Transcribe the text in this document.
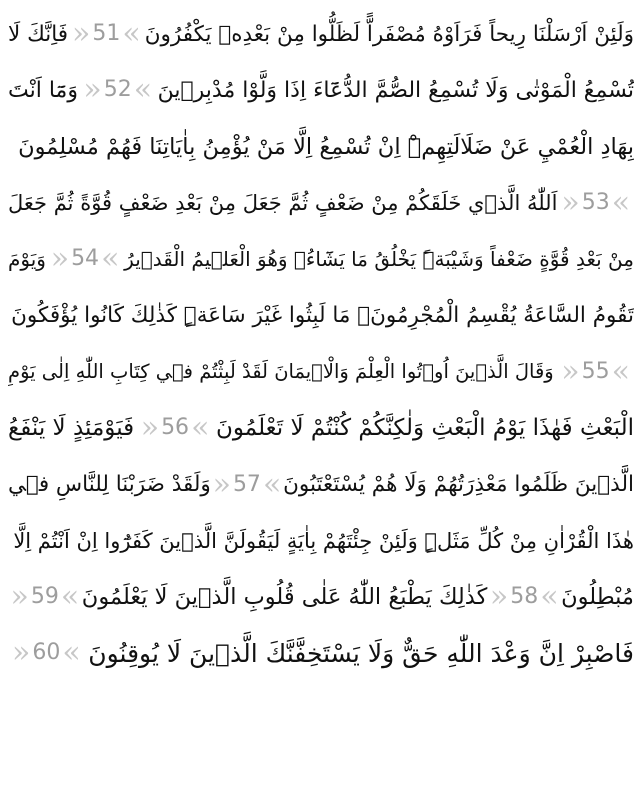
وَلَئِنْ اَرْسَلْنَا رِيحاً فَرَاَوْهُ مُصْفَراًّ لَظَلُّوا مِنْ بَعْدِه۪ يَكْفُرُونَ
» 51 «
فَاِنَّكَ لَا
تُسْمِعُ الْمَوْتٰى وَلَا تُسْمِعُ الصُّمَّ الدُّعَٓاءَ اِذَا وَلَّوْا مُدْبِر۪ينَ
» 52 «
وَمَٓا اَنْتَ
بِهَادِ الْعُمْيِ عَنْ ضَلَالَتِهِمْۜ اِنْ تُسْمِعُ اِلَّا مَنْ يُؤْمِنُ بِاٰيَاتِنَا فَهُمْ مُسْلِمُونَ
» 53 «
اَللّٰهُ الَّذ۪ي خَلَقَكُمْ مِنْ ضَعْفٍ ثُمَّ جَعَلَ مِنْ بَعْدِ ضَعْفٍ قُوَّةً ثُمَّ جَعَلَ
مِنْ بَعْدِ قُوَّةٍ ضَعْفاً وَشَيْبَةًۜ يَخْلُقُ مَا يَشَٓاءُۚ وَهُوَ الْعَل۪يمُ الْقَد۪يرُ
» 54 «
وَيَوْمَ
تَقُومُ السَّاعَةُ يُقْسِمُ الْمُجْرِمُونَۙ مَا لَبِثُوا غَيْرَ سَاعَةٍۜ كَذٰلِكَ كَانُوا يُؤْفَكُونَ
» 55 «
وَقَالَ الَّذ۪ينَ اُو۫تُوا الْعِلْمَ وَالْا۪يمَانَ لَقَدْ لَبِثْتُمْ ف۪ي كِتَابِ اللّٰهِ اِلٰى يَوْمِ
الْبَعْثِ فَهٰذَا يَوْمُ الْبَعْثِ وَلٰكِنَّكُمْ كُنْتُمْ لَا تَعْلَمُونَ
» 56 «
فَيَوْمَئِذٍ لَا يَنْفَعُ
الَّذ۪ينَ ظَلَمُوا مَعْذِرَتُهُمْ وَلَا هُمْ يُسْتَعْتَبُونَ
» 57 «
وَلَقَدْ ضَرَبْنَا لِلنَّاسِ ف۪ي
هٰذَا الْقُرْاٰنِ مِنْ كُلِّ مَثَلٍۜ وَلَئِنْ جِئْتَهُمْ بِاٰيَةٍ لَيَقُولَنَّ الَّذ۪ينَ كَفَرُٓوا اِنْ اَنْتُمْ اِلَّا
مُبْطِلُونَ
» 58 «
كَذٰلِكَ يَطْبَعُ اللّٰهُ عَلٰى قُلُوبِ الَّذ۪ينَ لَا يَعْلَمُونَ
» 59 «
فَاصْبِرْ اِنَّ وَعْدَ اللّٰهِ حَقٌّ وَلَا يَسْتَخِفَّنَّكَ الَّذ۪ينَ لَا يُوقِنُونَ
» 60 «
